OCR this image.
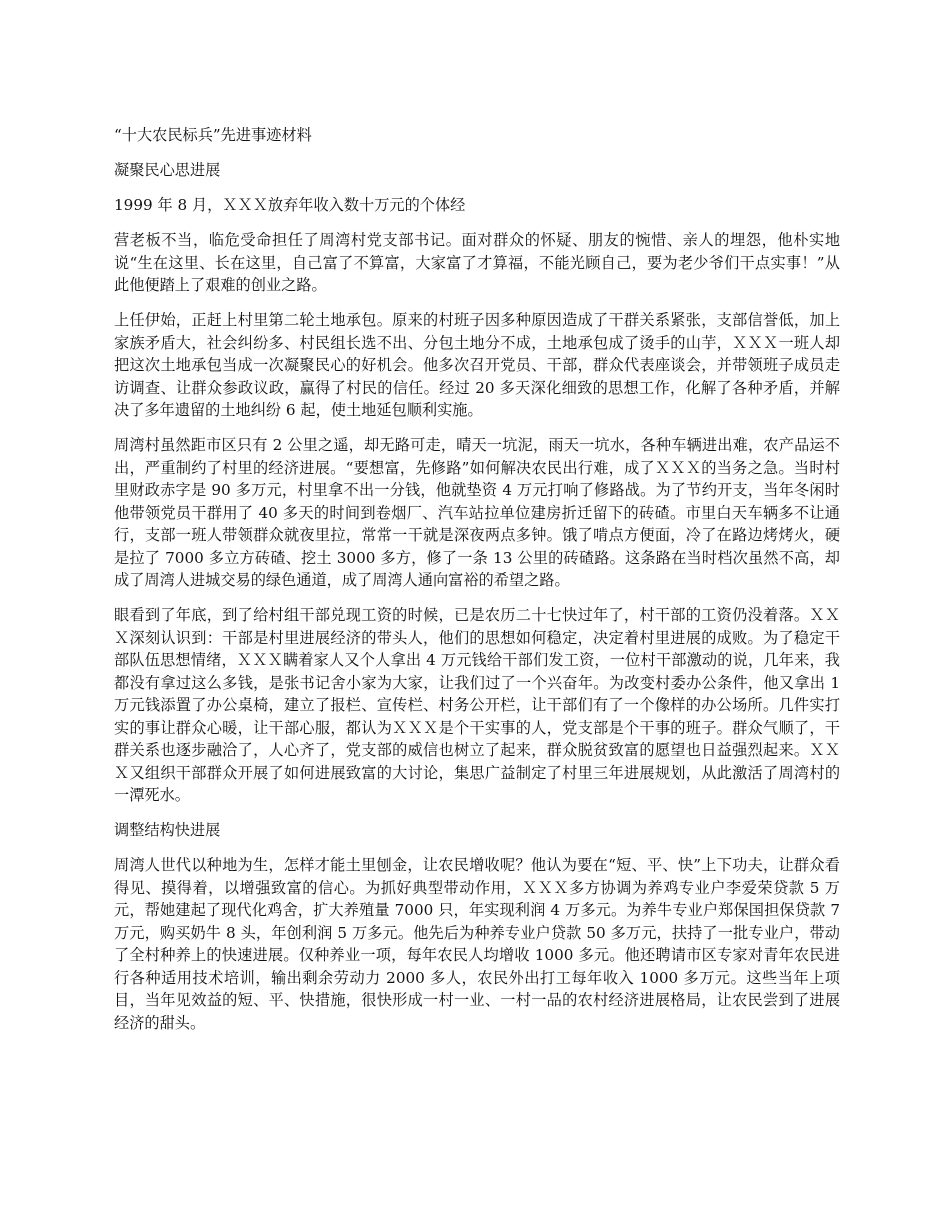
“十大农民标兵”先进事迹材料

凝聚民心思进展

1999 年 8 月，ＸＸＸ放弃年收入数十万元的个体经

营老板不当，临危受命担任了周湾村党支部书记。面对群众的怀疑、朋友的惋惜、亲人的埋怨，他朴实地说“生在这里、长在这里，自己富了不算富，大家富了才算福，不能光顾自己，要为老少爷们干点实事！”从此他便踏上了艰难的创业之路。

上任伊始，正赶上村里第二轮土地承包。原来的村班子因多种原因造成了干群关系紧张，支部信誉低，加上家族矛盾大，社会纠纷多、村民组长选不出、分包土地分不成，土地承包成了烫手的山芋，ＸＸＸ一班人却把这次土地承包当成一次凝聚民心的好机会。他多次召开党员、干部，群众代表座谈会，并带领班子成员走访调查、让群众参政议政，赢得了村民的信任。经过 20 多天深化细致的思想工作，化解了各种矛盾，并解决了多年遗留的土地纠纷 6 起，使土地延包顺利实施。

周湾村虽然距市区只有 2 公里之遥，却无路可走，晴天一坑泥，雨天一坑水，各种车辆进出难，农产品运不出，严重制约了村里的经济进展。“要想富，先修路”如何解决农民出行难，成了ＸＸＸ的当务之急。当时村里财政赤字是 90 多万元，村里拿不出一分钱，他就垫资 4 万元打响了修路战。为了节约开支，当年冬闲时他带领党员干群用了 40 多天的时间到卷烟厂、汽车站拉单位建房折迁留下的砖碴。市里白天车辆多不让通行，支部一班人带领群众就夜里拉，常常一干就是深夜两点多钟。饿了啃点方便面，冷了在路边烤烤火，硬是拉了 7000 多立方砖碴、挖土 3000 多方，修了一条 13 公里的砖碴路。这条路在当时档次虽然不高，却成了周湾人进城交易的绿色通道，成了周湾人通向富裕的希望之路。

眼看到了年底，到了给村组干部兑现工资的时候，已是农历二十七快过年了，村干部的工资仍没着落。ＸＸＸ深刻认识到：干部是村里进展经济的带头人，他们的思想如何稳定，决定着村里进展的成败。为了稳定干部队伍思想情绪，ＸＸＸ瞒着家人又个人拿出 4 万元钱给干部们发工资，一位村干部激动的说，几年来，我都没有拿过这么多钱，是张书记舍小家为大家，让我们过了一个兴奋年。为改变村委办公条件，他又拿出 1 万元钱添置了办公桌椅，建立了报栏、宣传栏、村务公开栏，让干部们有了一个像样的办公场所。几件实打实的事让群众心暖，让干部心服，都认为ＸＸＸ是个干实事的人，党支部是个干事的班子。群众气顺了，干群关系也逐步融洽了，人心齐了，党支部的威信也树立了起来，群众脱贫致富的愿望也日益强烈起来。ＸＸＸ又组织干部群众开展了如何进展致富的大讨论，集思广益制定了村里三年进展规划，从此激活了周湾村的一潭死水。

调整结构快进展

周湾人世代以种地为生，怎样才能土里刨金，让农民增收呢？他认为要在“短、平、快”上下功夫，让群众看得见、摸得着，以增强致富的信心。为抓好典型带动作用，ＸＸＸ多方协调为养鸡专业户李爱荣贷款 5 万元，帮她建起了现代化鸡舍，扩大养殖量 7000 只，年实现利润 4 万多元。为养牛专业户郑保国担保贷款 7 万元，购买奶牛 8 头，年创利润 5 万多元。他先后为种养专业户贷款 50 多万元，扶持了一批专业户，带动了全村种养上的快速进展。仅种养业一项，每年农民人均增收 1000 多元。他还聘请市区专家对青年农民进行各种适用技术培训，输出剩余劳动力 2000 多人，农民外出打工每年收入 1000 多万元。这些当年上项目，当年见效益的短、平、快措施，很快形成一村一业、一村一品的农村经济进展格局，让农民尝到了进展经济的甜头。
